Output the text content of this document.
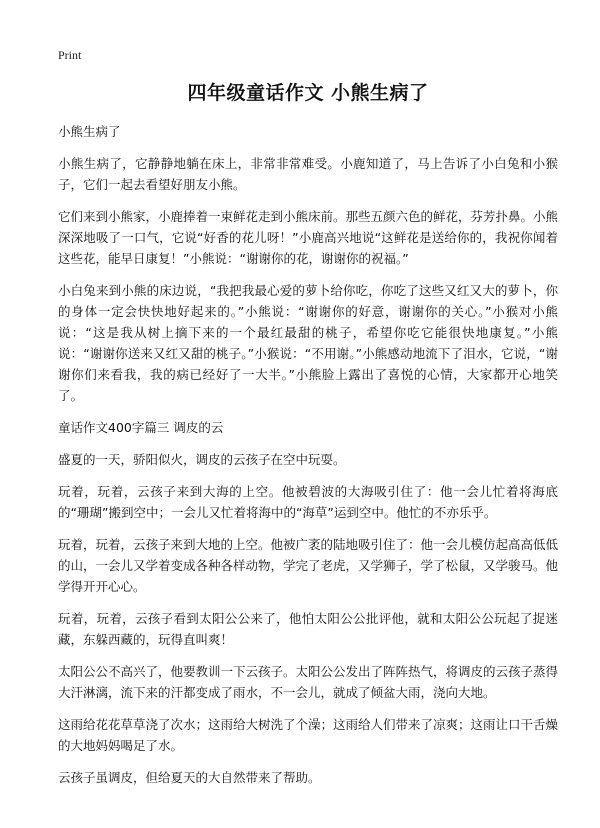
Print
四年级童话作文 小熊生病了

小熊生病了

小熊生病了，它静静地躺在床上，非常非常难受。小鹿知道了，马上告诉了小白兔和小猴子，它们一起去看望好朋友小熊。

它们来到小熊家，小鹿捧着一束鲜花走到小熊床前。那些五颜六色的鲜花，芬芳扑鼻。小熊深深地吸了一口气，它说“好香的花儿呀！”小鹿高兴地说“这鲜花是送给你的，我祝你闻着这些花，能早日康复！”小熊说：“谢谢你的花，谢谢你的祝福。”

小白兔来到小熊的床边说，“我把我最心爱的萝卜给你吃，你吃了这些又红又大的萝卜，你的身体一定会快快地好起来的。”小熊说：“谢谢你的好意，谢谢你的关心。”小猴对小熊说：“这是我从树上摘下来的一个最红最甜的桃子，希望你吃它能很快地康复。”小熊说：“谢谢你送来又红又甜的桃子。”小猴说：“不用谢。”小熊感动地流下了泪水，它说，“谢谢你们来看我，我的病已经好了一大半。”小熊脸上露出了喜悦的心情，大家都开心地笑了。

童话作文400字篇三 调皮的云

盛夏的一天，骄阳似火，调皮的云孩子在空中玩耍。

玩着，玩着，云孩子来到大海的上空。他被碧波的大海吸引住了：他一会儿忙着将海底的“珊瑚”搬到空中；一会儿又忙着将海中的“海草”运到空中。他忙的不亦乐乎。

玩着，玩着，云孩子来到大地的上空。他被广袤的陆地吸引住了：他一会儿模仿起高高低低的山，一会儿又学着变成各种各样动物，学完了老虎，又学狮子，学了松鼠，又学骏马。他学得开开心心。

玩着，玩着，云孩子看到太阳公公来了，他怕太阳公公批评他，就和太阳公公玩起了捉迷藏，东躲西藏的，玩得直叫爽！

太阳公公不高兴了，他要教训一下云孩子。太阳公公发出了阵阵热气，将调皮的云孩子蒸得大汗淋漓，流下来的汗都变成了雨水，不一会儿，就成了倾盆大雨，浇向大地。

这雨给花花草草浇了次水；这雨给大树洗了个澡；这雨给人们带来了凉爽；这雨让口干舌燥的大地妈妈喝足了水。

云孩子虽调皮，但给夏天的大自然带来了帮助。
